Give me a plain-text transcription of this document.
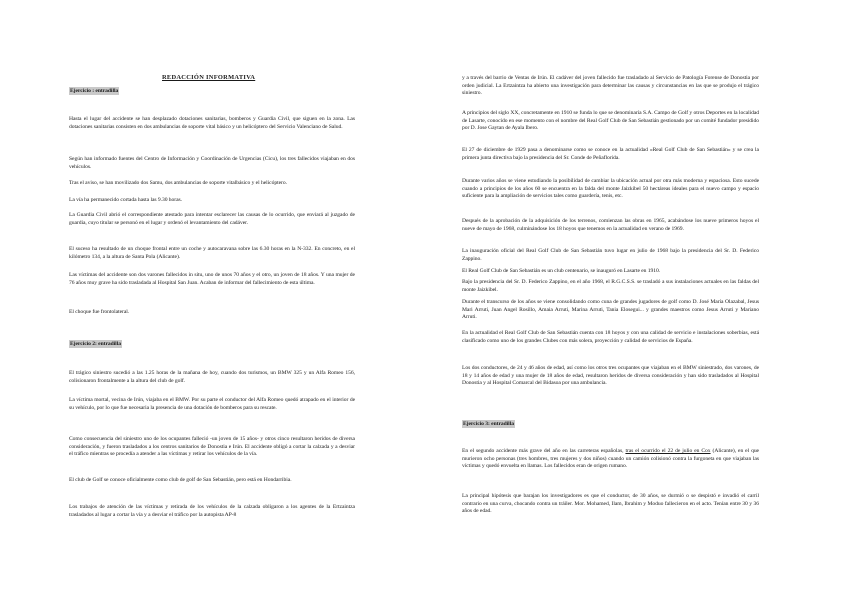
REDACCIÓN INFORMATIVA
Ejercicio : entradilla

Hasta el lugar del accidente se han desplazado dotaciones sanitarias, bomberos y Guardia Civil, que siguen en la zona. Las dotaciones sanitarias consisten en dos ambulancias de soporte vital básico y un helicóptero del Servicio Valenciano de Salud.

Según han informado fuentes del Centro de Información y Coordinación de Urgencias (Cicu), los tres fallecidos viajaban en dos vehículos.

Tras el aviso, se han movilizado dos Samu, dos ambulancias de soporte vitalbásico y el helicóptero.

La vía ha permanecido cortada hasta las 9.30 horas.

La Guardia Civil abrió el correspondiente atestado para intentar esclarecer las causas de lo ocurrido, que enviará al juzgado de guardia, cuyo titular se personó en el lugar y ordenó el levantamiento del cadáver.

El suceso ha resultado de un choque frontal entre un coche y autocaravana sobre las 6.30 horas en la N-332. En concreto, en el kilómetro 134, a la altura de Santa Pola (Alicante).

Las víctimas del accidente son dos varones fallecidos in situ, uno de unos 70 años y el otro, un joven de 18 años. Y una mujer de 76 años muy grave ha sido trasladada al Hospital San Juan. Acaban de informar del fallecimiento de esta última.

El choque fue frontolateral.

Ejercicio 2: entradilla

El trágico siniestro sucedió a las 1.25 horas de la mañana de hoy, cuando dos turismos, un BMW 325 y un Alfa Romeo 156, colisionaron frontalmente a la altura del club de golf.

La víctima mortal, vecina de Irún, viajaba en el BMW. Por su parte el conductor del Alfa Romeo quedó atrapado en el interior de su vehículo, por lo que fue necesaria la presencia de una dotación de bomberos para su rescate.

Como consecuencia del siniestro uno de los ocupantes falleció -un joven de 15 años- y otros cinco resultaron heridos de diversa consideración, y fueron trasladados a los centros sanitarios de Donostia e Irún. El accidente obligó a cortar la calzada y a desviar el tráfico mientras se procedía a atender a las víctimas y retirar los vehículos de la vía.

El club de Golf se conoce oficialmente como club de golf de San Sebastián, pero está en Hondarribia.

Los trabajos de atención de las víctimas y retirada de los vehículos de la calzada obligaron a los agentes de la Ertzaintza trasladados al lugar a cortar la vía y a desviar el tráfico por la autopista AP-8

y a través del barrio de Ventas de Irún. El cadáver del joven fallecido fue trasladado al Servicio de Patología Forense de Donostia por orden judicial. La Ertzaintza ha abierto una investigación para determinar las causas y circunstancias en las que se produjo el trágico siniestro.

A principios del siglo XX, concretamente en 1910 se funda lo que se denominaría S.A. Campo de Golf y otros Deportes en la localidad de Lasarte, conocido en ese momento con el nombre del Real Golf Club de San Sebastián gestionado por un comité fundador presidido por D. Jose Gaytan de Ayala Ibero.

El 27 de diciembre de 1929 pasa a denominarse como se conoce en la actualidad «Real Golf Club de San Sebastián» y se crea la primera junta directiva bajo la presidencia del Sr. Conde de Peñaflorida.

Durante varios años se viene estudiando la posibilidad de cambiar la ubicación actual por otra más moderna y espaciosa. Esto sucede cuando a principios de los años 60 se encuentra en la falda del monte Jaizkibel 50 hectáreas ideales para el nuevo campo y espacio suficiente para la ampliación de servicios tales como guardería, tenis, etc.

Después de la aprobación de la adquisición de los terrenos, comienzan las obras en 1965, acabándose los nueve primeros hoyos el nueve de mayo de 1968, culminándose los 18 hoyos que tenemos en la actualidad en verano de 1969.

La inauguración oficial del Real Golf Club de San Sebastián tuvo lugar en julio de 1968 bajo la presidencia del Sr. D. Federico Zappino.

El Real Golf Club de San Sebastián es un club centenario, se inauguró en Lasarte en 1910.

Bajo la presidencia del Sr. D. Federico Zappino, en el año 1968, el R.G.C.S.S. se trasladó a sus instalaciones actuales en las faldas del monte Jaizkibel.

Durante el transcurso de los años se viene consolidando como cuna de grandes jugadores de golf como D. José María Olazabal, Jesus Mari Arruti, Juan Angel Rosillo, Amaia Arruti, Marina Arruti, Tania Elosegui... y grandes maestros como Jesus Arruti y Mariano Arruti.

En la actualidad el Real Golf Club de San Sebastián cuenta con 18 hoyos y con una calidad de servicio e instalaciones soberbias, está clasificado como uno de los grandes Clubes con más solera, proyección y calidad de servicios de España.

Los dos conductores, de 24 y 46 años de edad, así como los otros tres ocupantes que viajaban en el BMW siniestrado, dos varones, de 18 y 14 años de edad y una mujer de 18 años de edad, resultaron heridos de diversa consideración y han sido trasladados al Hospital Donostia y al Hospital Comarcal del Bidasoa por una ambulancia.

Ejercicio 3: entradilla

En el segundo accidente más grave del año en las carreteras españolas, tras el ocurrido el 22 de julio en Cox (Alicante), en el que murieron ocho personas (tres hombres, tres mujeres y dos niños) cuando un camión colisionó contra la furgoneta en que viajaban las víctimas y quedó envuelta en llamas. Los fallecidos eran de origen rumano.

La principal hipótesis que barajan los investigadores es que el conductor, de 30 años, se durmió o se despistó e invadió el carril contrario en una curva, chocando contra un tráiler. Mor. Mohamed, Ilam, Ibrahim y Moduo fallecieron en el acto. Tenían entre 30 y 36 años de edad.
